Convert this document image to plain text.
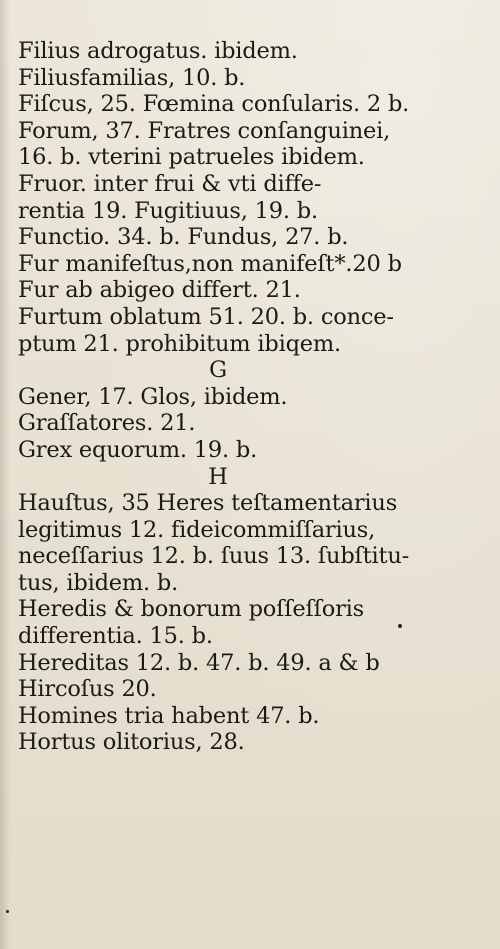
Filius adrogatus. ibidem.
Filiusfamilias, 10. b.
Fiſcus, 25. Fœmina conſularis. 2 b.
Forum, 37. Fratres conſanguinei,
16. b. vterini patrueles ibidem.
Fruor. inter frui & vti diffe-
rentia 19. Fugitiuus, 19. b.
Functio. 34. b. Fundus, 27. b.
Fur manifeſtus,non manifeſt*.20 b
Fur ab abigeo differt. 21.
Furtum oblatum 51. 20. b. conce-
ptum 21. prohibitum ibiqem.
G
Gener, 17. Glos, ibidem.
Graſſatores. 21.
Grex equorum. 19. b.
H
Hauſtus, 35 Heres teſtamentarius
legitimus 12. fideicommiſſarius,
neceſſarius 12. b. ſuus 13. ſubſtitu-
tus, ibidem. b.
Heredis & bonorum poſſeſſoris
differentia. 15. b.
Hereditas 12. b. 47. b. 49. a & b
Hircoſus 20.
Homines tria habent 47. b.
Hortus olitorius, 28.
